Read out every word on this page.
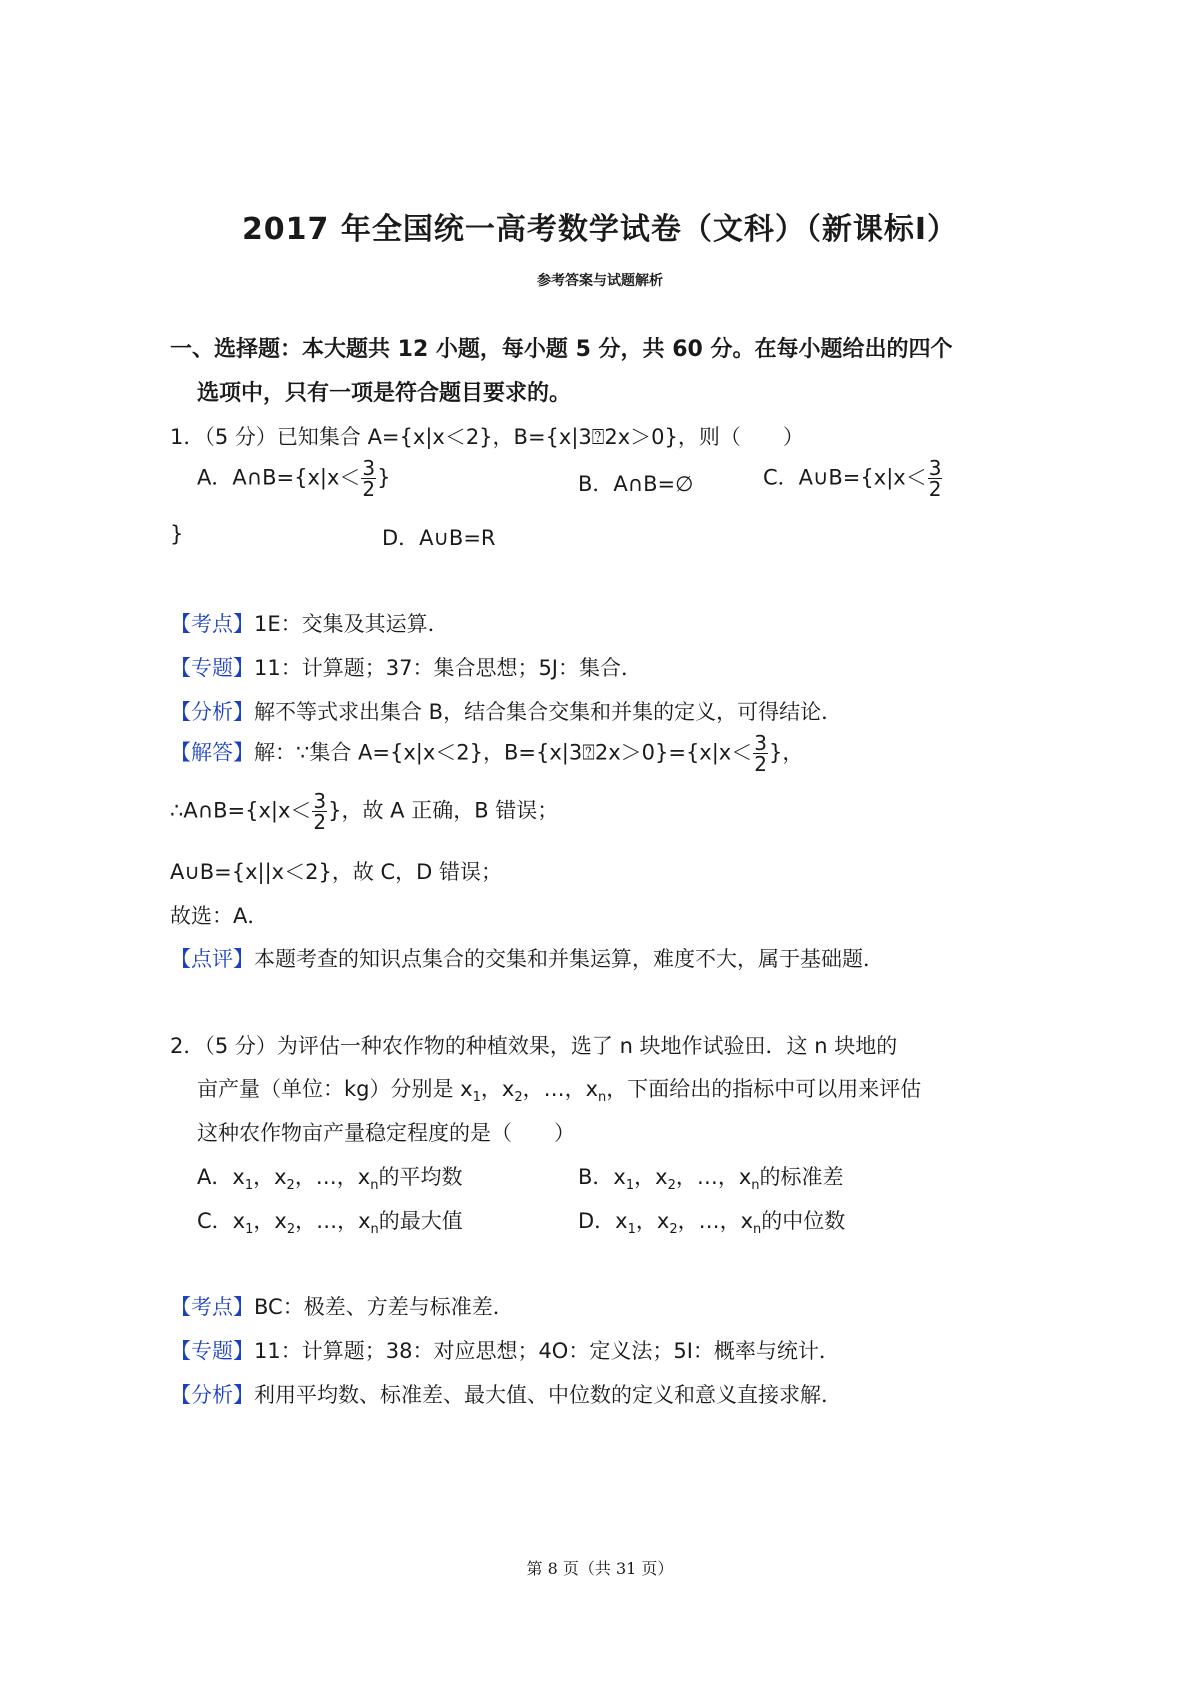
2017 年全国统一高考数学试卷（文科）（新课标Ⅰ）
参考答案与试题解析
一、选择题：本大题共 12 小题，每小题 5 分，共 60 分。在每小题给出的四个
选项中，只有一项是符合题目要求的。
1．（5 分）已知集合 A={x|x＜2}，B={x|3⍰2x＞0}，则（　　）
A．A∩B={x|x＜ $\frac{3}{2}$ }	B．A∩B=∅	C．A∪B={x|x＜ $\frac{3}{2}$
}	D．A∪B=R
【考点】1E：交集及其运算．
【专题】11：计算题；37：集合思想；5J：集合．
【分析】解不等式求出集合 B，结合集合交集和并集的定义，可得结论．
【解答】解：∵集合 A={x|x＜2}，B={x|3⍰2x＞0}={x|x＜ $\frac{3}{2}$ }，
∴A∩B={x|x＜ $\frac{3}{2}$ }，故 A 正确，B 错误；
A∪B={x||x＜2}，故 C，D 错误；
故选：A．
【点评】本题考查的知识点集合的交集和并集运算，难度不大，属于基础题．
2．（5 分）为评估一种农作物的种植效果，选了 n 块地作试验田．这 n 块地的
亩产量（单位：kg）分别是 $x_1$，$x_2$，…，$x_n$，下面给出的指标中可以用来评估
这种农作物亩产量稳定程度的是（　　）
A．$x_1$，$x_2$，…，$x_n$的平均数	B．$x_1$，$x_2$，…，$x_n$的标准差
C．$x_1$，$x_2$，…，$x_n$的最大值	D．$x_1$，$x_2$，…，$x_n$的中位数
【考点】BC：极差、方差与标准差．
【专题】11：计算题；38：对应思想；4O：定义法；5I：概率与统计．
【分析】利用平均数、标准差、最大值、中位数的定义和意义直接求解．
第 8 页（共 31 页）
